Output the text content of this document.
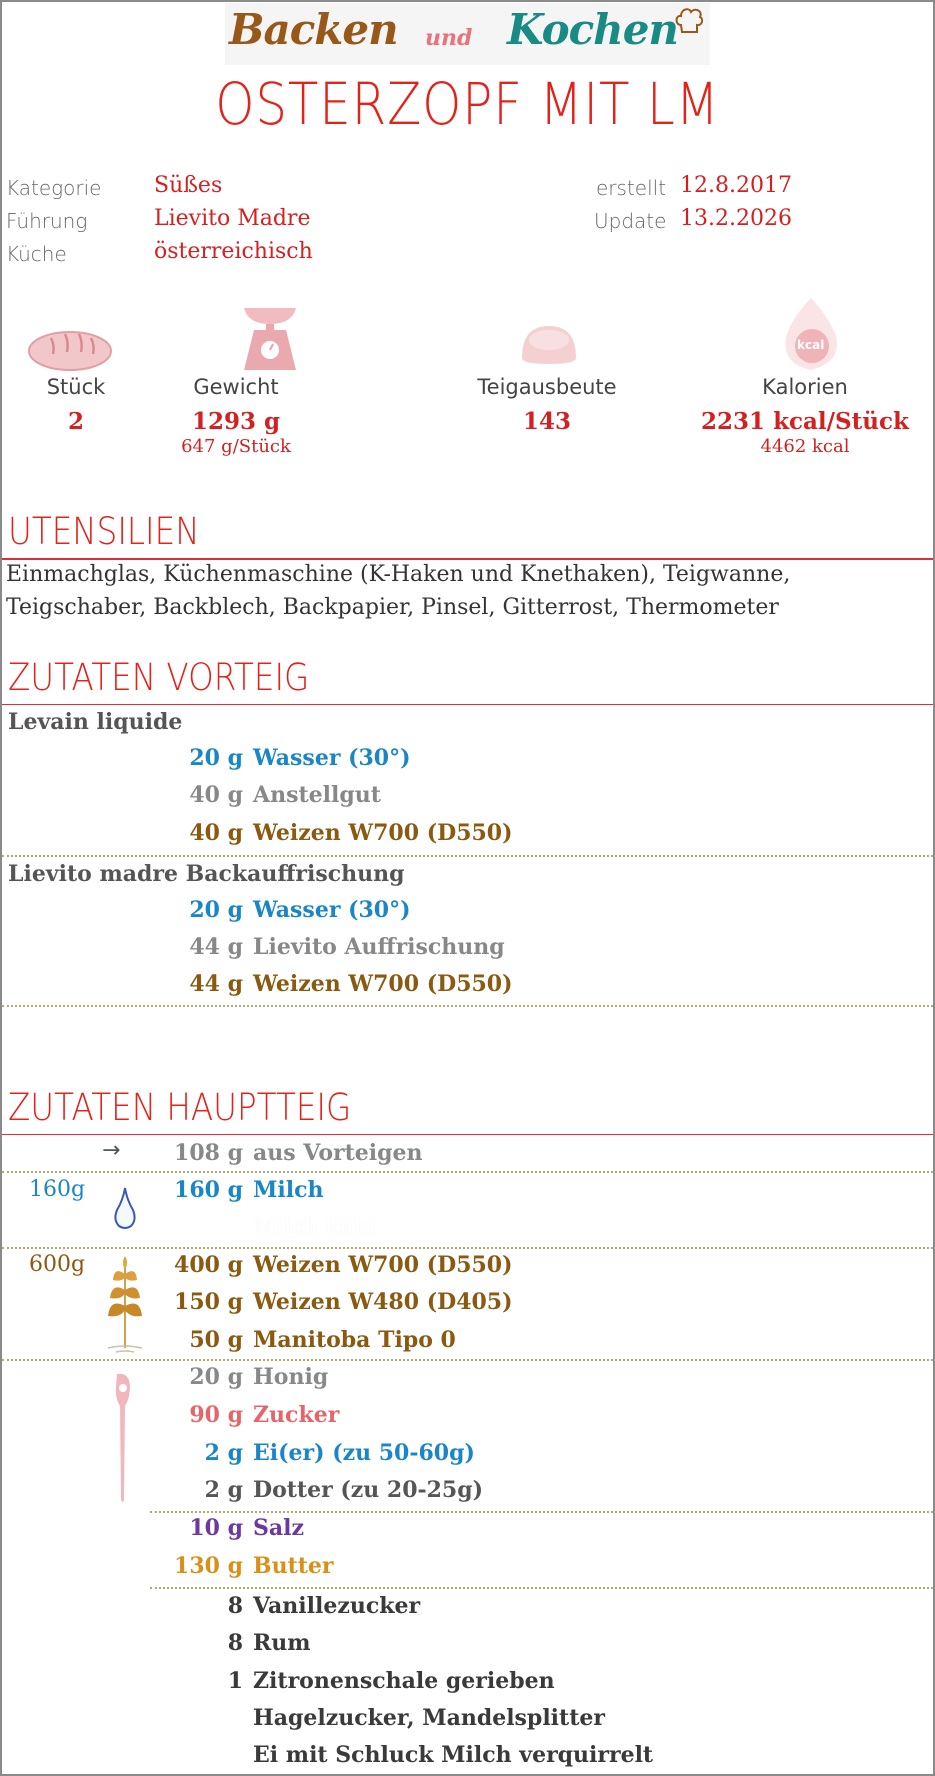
Backen und Kochen
OSTERZOPF MIT LM
Kategorie Süßes
Führung	Lievito Madre
Küche	österreichisch
erstellt 12.8.2017
Update 13.2.2026
kcal
Stück
2
Gewicht
1293 g
647 g/Stück
Teigausbeute
143
Kalorien
2231 kcal/Stück
4462 kcal
UTENSILIEN
Einmachglas, Küchenmaschine (K-Haken und Knethaken), Teigwanne,
Teigschaber, Backblech, Backpapier, Pinsel, Gitterrost, Thermometer
ZUTATEN VORTEIG
Levain liquide
20 g Wasser (30°)
40 g Anstellgut
40 g Weizen W700 (D550)
Lievito madre Backauffrischung
20 g Wasser (30°)
44 g Lievito Auffrischung
44 g Weizen W700 (D550)
ZUTATEN HAUPTTEIG
→ 108 g aus Vorteigen
160g	160 g Milch
Milch kühl
600g	400 g Weizen W700 (D550)
150 g Weizen W480 (D405)
50 g Manitoba Tipo 0
20 g Honig
90 g Zucker
2 g Ei(er) (zu 50-60g)
2 g Dotter (zu 20-25g)
10 g Salz
130 g Butter
8 Vanillezucker
8 Rum
1 Zitronenschale gerieben
Hagelzucker, Mandelsplitter
Ei mit Schluck Milch verquirrelt
